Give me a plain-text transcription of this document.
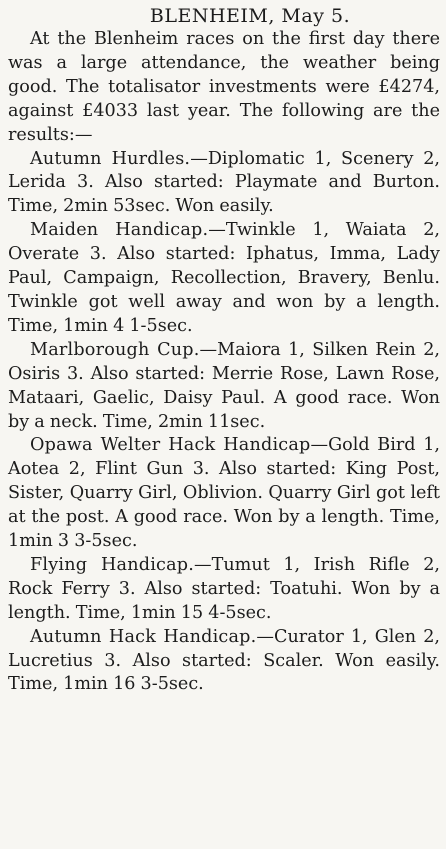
BLENHEIM, May 5.

At the Blenheim races on the first day there was a large attendance, the weather being good. The totalisator investments were £4274, against £4033 last year. The following are the results:—

Autumn Hurdles.—Diplomatic 1, Scenery 2, Lerida 3. Also started: Playmate and Burton. Time, 2min 53sec. Won easily.

Maiden Handicap.—Twinkle 1, Waiata 2, Overate 3. Also started: Iphatus, Imma, Lady Paul, Campaign, Recollection, Bravery, Benlu. Twinkle got well away and won by a length. Time, 1min 4 1-5sec.

Marlborough Cup.—Maiora 1, Silken Rein 2, Osiris 3. Also started: Merrie Rose, Lawn Rose, Mataari, Gaelic, Daisy Paul. A good race. Won by a neck. Time, 2min 11sec.

Opawa Welter Hack Handicap—Gold Bird 1, Aotea 2, Flint Gun 3. Also started: King Post, Sister, Quarry Girl, Oblivion. Quarry Girl got left at the post. A good race. Won by a length. Time, 1min 3 3-5sec.

Flying Handicap.—Tumut 1, Irish Rifle 2, Rock Ferry 3. Also started: Toatuhi. Won by a length. Time, 1min 15 4-5sec.

Autumn Hack Handicap.—Curator 1, Glen 2, Lucretius 3. Also started: Scaler. Won easily. Time, 1min 16 3-5sec.
